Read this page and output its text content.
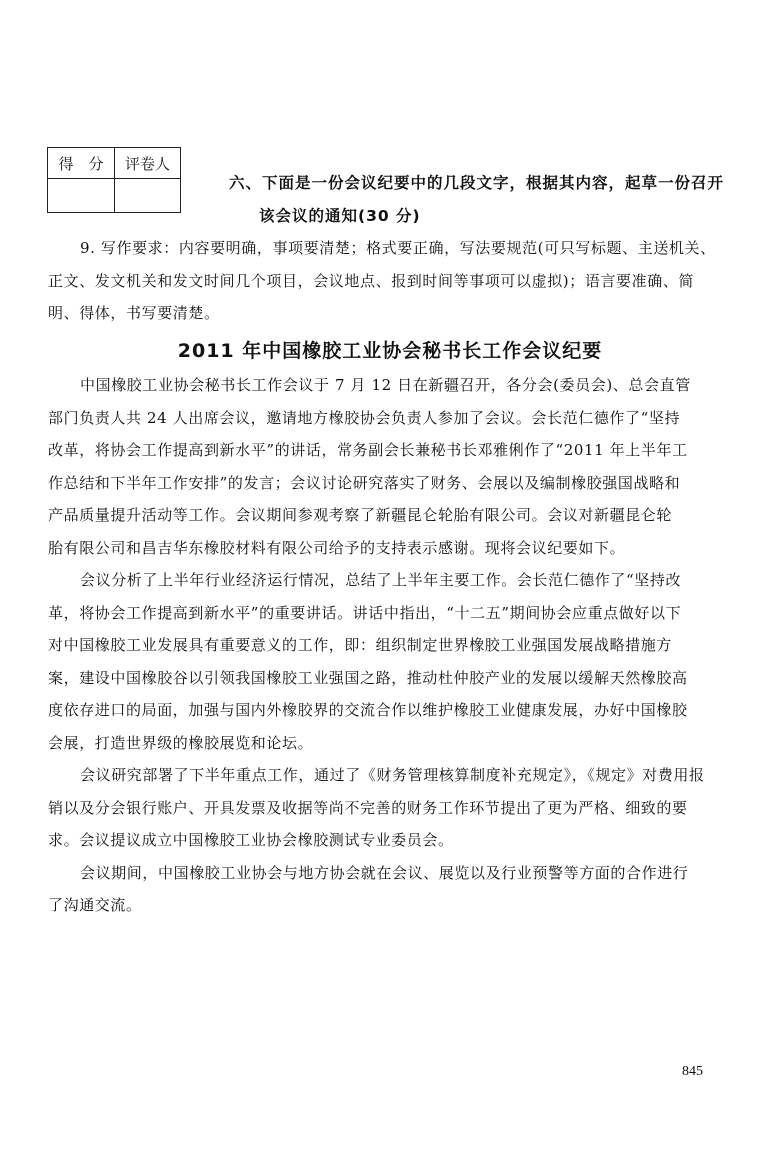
得　分	评卷人

六、下面是一份会议纪要中的几段文字，根据其内容，起草一份召开
该会议的通知(30 分)
9. 写作要求：内容要明确，事项要清楚；格式要正确，写法要规范(可只写标题、主送机关、
正文、发文机关和发文时间几个项目，会议地点、报到时间等事项可以虚拟)；语言要准确、简
明、得体，书写要清楚。
2011 年中国橡胶工业协会秘书长工作会议纪要
中国橡胶工业协会秘书长工作会议于 7 月 12 日在新疆召开，各分会(委员会)、总会直管
部门负责人共 24 人出席会议，邀请地方橡胶协会负责人参加了会议。会长范仁德作了“坚持
改革，将协会工作提高到新水平”的讲话，常务副会长兼秘书长邓雅俐作了“2011 年上半年工
作总结和下半年工作安排”的发言；会议讨论研究落实了财务、会展以及编制橡胶强国战略和
产品质量提升活动等工作。会议期间参观考察了新疆昆仑轮胎有限公司。会议对新疆昆仑轮
胎有限公司和昌吉华东橡胶材料有限公司给予的支持表示感谢。现将会议纪要如下。
会议分析了上半年行业经济运行情况，总结了上半年主要工作。会长范仁德作了“坚持改
革，将协会工作提高到新水平”的重要讲话。讲话中指出，“十二五”期间协会应重点做好以下
对中国橡胶工业发展具有重要意义的工作，即：组织制定世界橡胶工业强国发展战略措施方
案，建设中国橡胶谷以引领我国橡胶工业强国之路，推动杜仲胶产业的发展以缓解天然橡胶高
度依存进口的局面，加强与国内外橡胶界的交流合作以维护橡胶工业健康发展，办好中国橡胶
会展，打造世界级的橡胶展览和论坛。
会议研究部署了下半年重点工作，通过了《财务管理核算制度补充规定》，《规定》对费用报
销以及分会银行账户、开具发票及收据等尚不完善的财务工作环节提出了更为严格、细致的要
求。会议提议成立中国橡胶工业协会橡胶测试专业委员会。
会议期间，中国橡胶工业协会与地方协会就在会议、展览以及行业预警等方面的合作进行
了沟通交流。
845
